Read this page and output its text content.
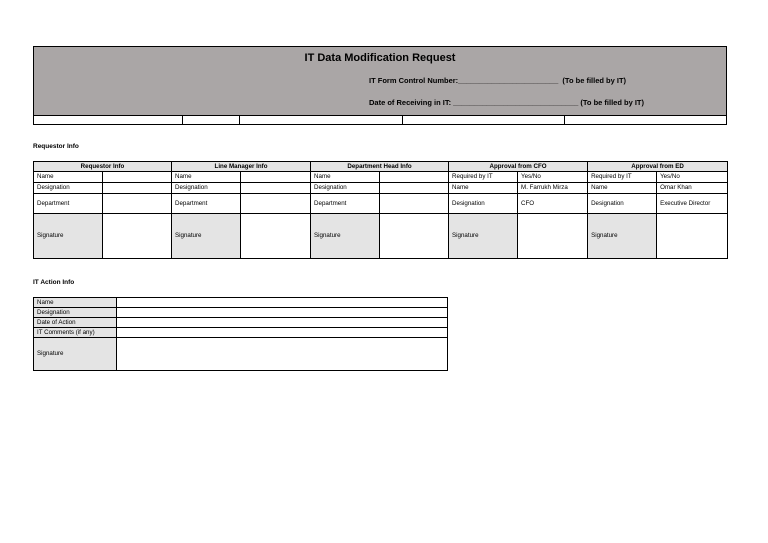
IT Data Modification Request
IT Form Control Number:________________________  (To be filled by IT)
Date of Receiving in IT: ______________________________ (To be filled by IT)
Requestor Info
Requestor Info		Line Manager Info		Department Head Info		Approval from CFO		Approval from ED	
Name		Name		Name		Required by IT	Yes/No	Required by IT	Yes/No
Designation		Designation		Designation		Name	M. Farrukh Mirza	Name	Omar Khan
Department		Department		Department		Designation	CFO	Designation	Executive Director
Signature		Signature		Signature		Signature		Signature	
IT Action Info
Name	
Designation	
Date of Action	
IT Comments (if any)	
Signature	
